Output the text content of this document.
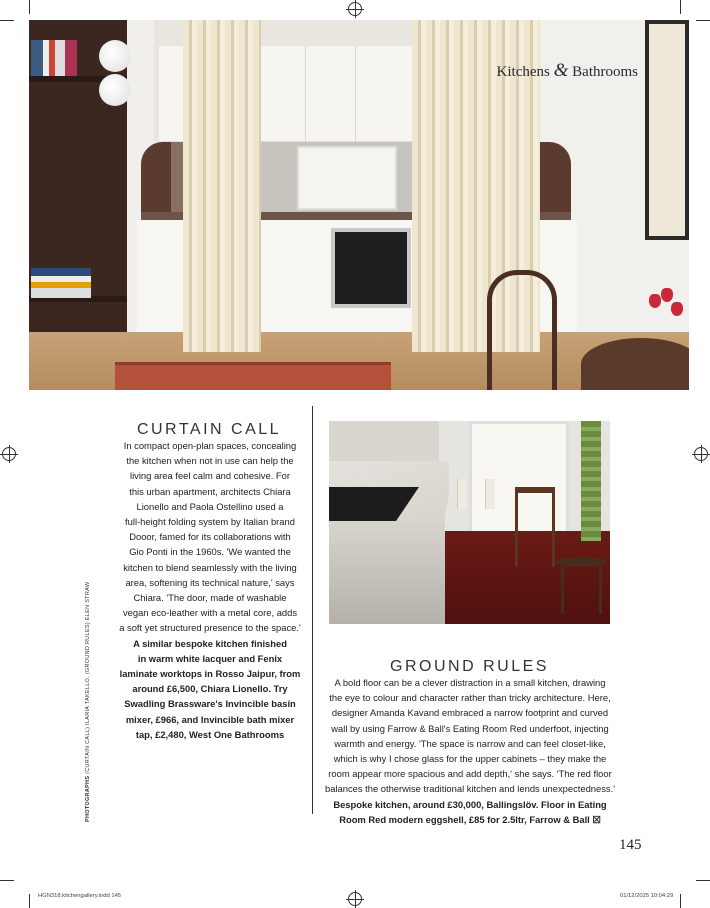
Kitchens & Bathrooms
PHOTOGRAPHS (CURTAIN CALL) ILARIA TAKELLO, (GROUND RULES) ELEN STRAW
CURTAIN CALL
In compact open-plan spaces, concealing
the kitchen when not in use can help the
living area feel calm and cohesive. For
this urban apartment, architects Chiara
Lionello and Paola Ostellino used a
full-height folding system by Italian brand
Dooor, famed for its collaborations with
Gio Ponti in the 1960s. 'We wanted the
kitchen to blend seamlessly with the living
area, softening its technical nature,' says
Chiara. 'The door, made of washable
vegan eco-leather with a metal core, adds
a soft yet structured presence to the space.'
A similar bespoke kitchen finished
in warm white lacquer and Fenix
laminate worktops in Rosso Jaipur, from
around £6,500, Chiara Lionello. Try
Swadling Brassware's Invincible basin
mixer, £966, and Invincible bath mixer
tap, £2,480, West One Bathrooms
GROUND RULES
A bold floor can be a clever distraction in a small kitchen, drawing
the eye to colour and character rather than tricky architecture. Here,
designer Amanda Kavand embraced a narrow footprint and curved
wall by using Farrow & Ball's Eating Room Red underfoot, injecting
warmth and energy. 'The space is narrow and can feel closet-like,
which is why I chose glass for the upper cabinets – they make the
room appear more spacious and add depth,' she says. 'The red floor
balances the otherwise traditional kitchen and lends unexpectedness.'
Bespoke kitchen, around £30,000, Ballingslöv. Floor in Eating
Room Red modern eggshell, £85 for 2.5ltr, Farrow & Ball ☒
145
HGN318.kitchengallery.indd 145	01/12/2025 10:04:29
